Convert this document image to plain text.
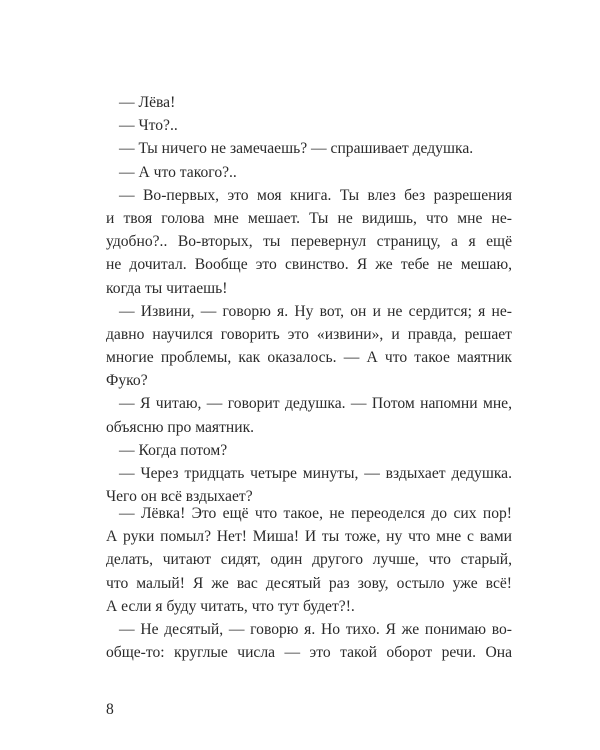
— Лёва!
— Что?..
— Ты ничего не замечаешь? — спрашивает дедушка.
— А что такого?..
— Во-первых, это моя книга. Ты влез без разрешения
и твоя голова мне мешает. Ты не видишь, что мне не-
удобно?.. Во-вторых, ты перевернул страницу, а я ещё
не дочитал. Вообще это свинство. Я же тебе не мешаю,
когда ты читаешь!
— Извини, — говорю я. Ну вот, он и не сердится; я не-
давно научился говорить это «извини», и правда, решает
многие проблемы, как оказалось. — А что такое маятник
Фуко?
— Я читаю, — говорит дедушка. — Потом напомни мне,
объясню про маятник.
— Когда потом?
— Через тридцать четыре минуты, — вздыхает дедушка.
Чего он всё вздыхает?
— Лёвка! Это ещё что такое, не переоделся до сих пор!
А руки помыл? Нет! Миша! И ты тоже, ну что мне с вами
делать, читают сидят, один другого лучше, что старый,
что малый! Я же вас десятый раз зову, остыло уже всё!
А если я буду читать, что тут будет?!.
— Не десятый, — говорю я. Но тихо. Я же понимаю во-
обще-то: круглые числа — это такой оборот речи. Она
8
